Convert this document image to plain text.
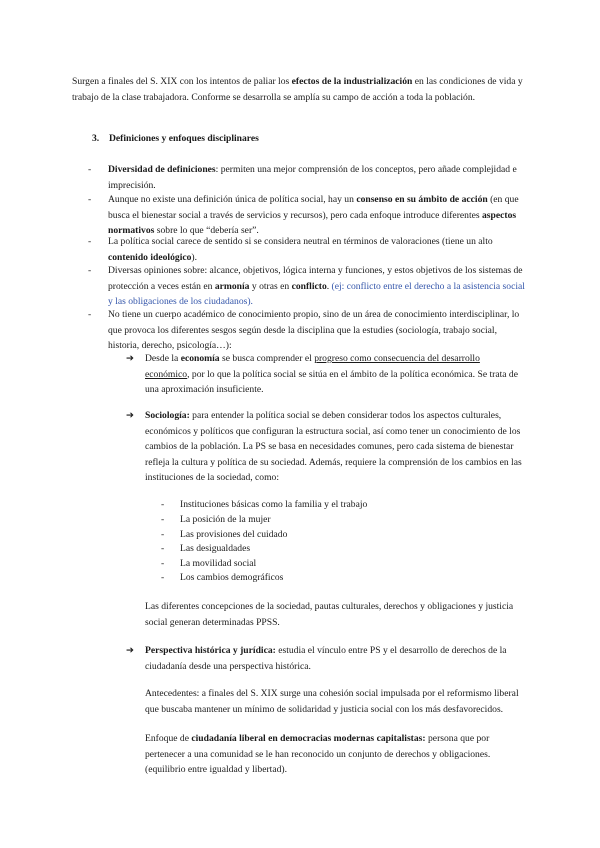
Surgen a finales del S. XIX con los intentos de paliar los efectos de la industrialización en las condiciones de vida y trabajo de la clase trabajadora. Conforme se desarrolla se amplía su campo de acción a toda la población.

3. Definiciones y enfoques disciplinares

- Diversidad de definiciones: permiten una mejor comprensión de los conceptos, pero añade complejidad e imprecisión.

- Aunque no existe una definición única de política social, hay un consenso en su ámbito de acción (en que busca el bienestar social a través de servicios y recursos), pero cada enfoque introduce diferentes aspectos normativos sobre lo que “debería ser”.

- La política social carece de sentido si se considera neutral en términos de valoraciones (tiene un alto contenido ideológico).

- Diversas opiniones sobre: alcance, objetivos, lógica interna y funciones, y estos objetivos de los sistemas de protección a veces están en armonía y otras en conflicto. (ej: conflicto entre el derecho a la asistencia social y las obligaciones de los ciudadanos).

- No tiene un cuerpo académico de conocimiento propio, sino de un área de conocimiento interdisciplinar, lo que provoca los diferentes sesgos según desde la disciplina que la estudies (sociología, trabajo social, historia, derecho, psicología…):

➔ Desde la economía se busca comprender el progreso como consecuencia del desarrollo económico, por lo que la política social se sitúa en el ámbito de la política económica. Se trata de una aproximación insuficiente.

➔ Sociología: para entender la política social se deben considerar todos los aspectos culturales, económicos y políticos que configuran la estructura social, así como tener un conocimiento de los cambios de la población. La PS se basa en necesidades comunes, pero cada sistema de bienestar refleja la cultura y política de su sociedad. Además, requiere la comprensión de los cambios en las instituciones de la sociedad, como:

- Instituciones básicas como la familia y el trabajo

- La posición de la mujer

- Las provisiones del cuidado

- Las desigualdades

- La movilidad social

- Los cambios demográficos

Las diferentes concepciones de la sociedad, pautas culturales, derechos y obligaciones y justicia social generan determinadas PPSS.

➔ Perspectiva histórica y jurídica: estudia el vínculo entre PS y el desarrollo de derechos de la ciudadanía desde una perspectiva histórica.

Antecedentes: a finales del S. XIX surge una cohesión social impulsada por el reformismo liberal que buscaba mantener un mínimo de solidaridad y justicia social con los más desfavorecidos.

Enfoque de ciudadanía liberal en democracias modernas capitalistas: persona que por pertenecer a una comunidad se le han reconocido un conjunto de derechos y obligaciones. (equilibrio entre igualdad y libertad).
